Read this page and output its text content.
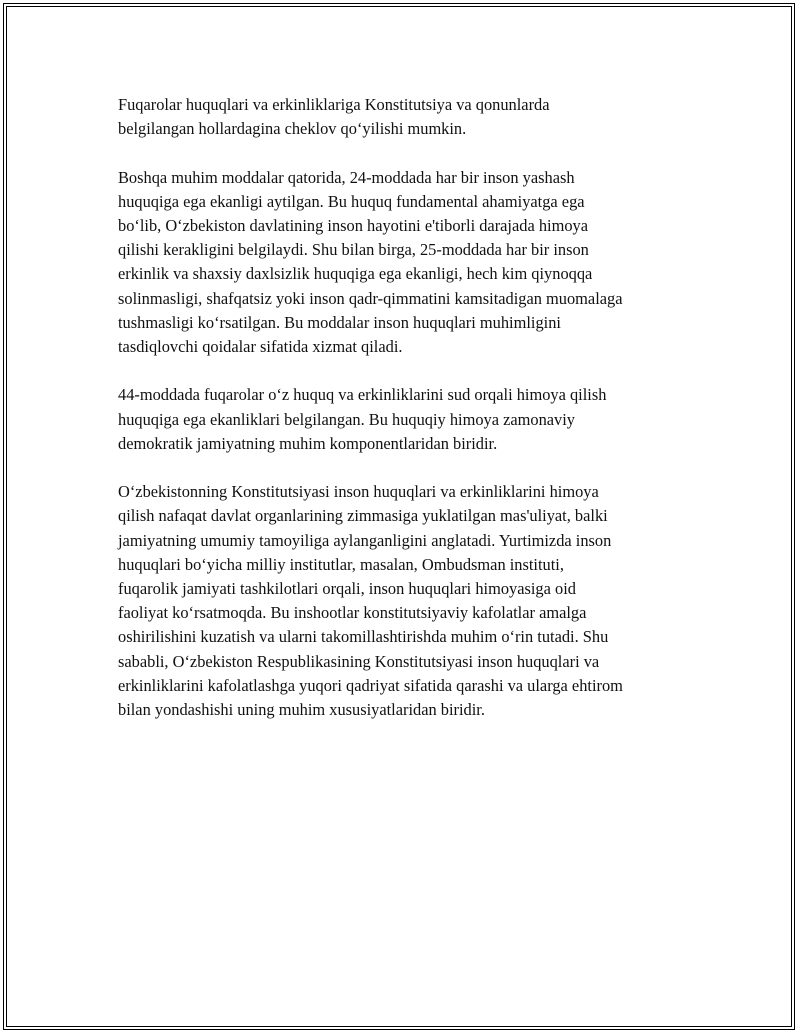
Fuqarolar huquqlari va erkinliklariga Konstitutsiya va qonunlarda
belgilangan hollardagina cheklov qo‘yilishi mumkin.

Boshqa muhim moddalar qatorida, 24-moddada har bir inson yashash
huquqiga ega ekanligi aytilgan. Bu huquq fundamental ahamiyatga ega
bo‘lib, O‘zbekiston davlatining inson hayotini e'tiborli darajada himoya
qilishi kerakligini belgilaydi. Shu bilan birga, 25-moddada har bir inson
erkinlik va shaxsiy daxlsizlik huquqiga ega ekanligi, hech kim qiynoqqa
solinmasligi, shafqatsiz yoki inson qadr-qimmatini kamsitadigan muomalaga
tushmasligi ko‘rsatilgan. Bu moddalar inson huquqlari muhimligini
tasdiqlovchi qoidalar sifatida xizmat qiladi.

44-moddada fuqarolar o‘z huquq va erkinliklarini sud orqali himoya qilish
huquqiga ega ekanliklari belgilangan. Bu huquqiy himoya zamonaviy
demokratik jamiyatning muhim komponentlaridan biridir.

O‘zbekistonning Konstitutsiyasi inson huquqlari va erkinliklarini himoya
qilish nafaqat davlat organlarining zimmasiga yuklatilgan mas'uliyat, balki
jamiyatning umumiy tamoyiliga aylanganligini anglatadi. Yurtimizda inson
huquqlari bo‘yicha milliy institutlar, masalan, Ombudsman instituti,
fuqarolik jamiyati tashkilotlari orqali, inson huquqlari himoyasiga oid
faoliyat ko‘rsatmoqda. Bu inshootlar konstitutsiyaviy kafolatlar amalga
oshirilishini kuzatish va ularni takomillashtirishda muhim o‘rin tutadi. Shu
sababli, O‘zbekiston Respublikasining Konstitutsiyasi inson huquqlari va
erkinliklarini kafolatlashga yuqori qadriyat sifatida qarashi va ularga ehtirom
bilan yondashishi uning muhim xususiyatlaridan biridir.
